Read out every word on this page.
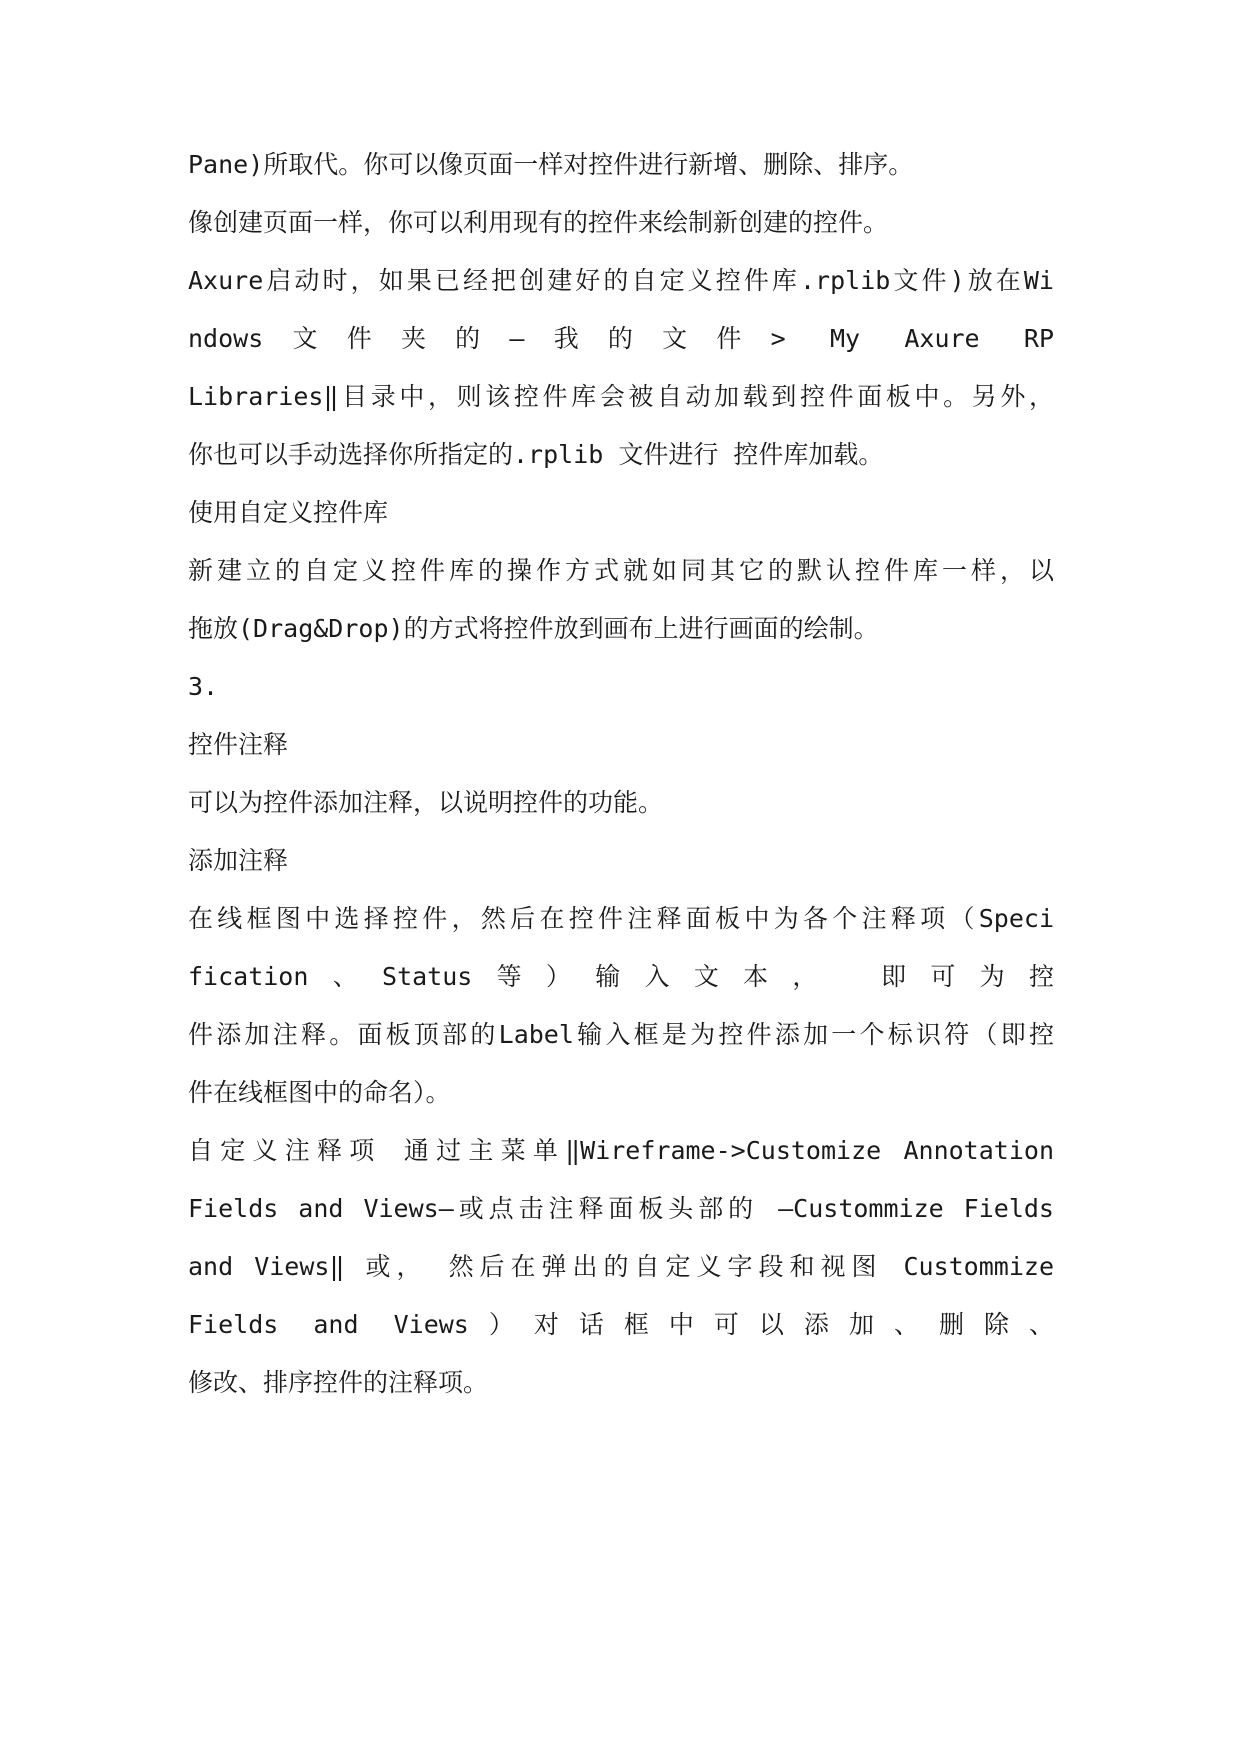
Pane)所取代。你可以像页面一样对控件进行新增、删除、排序。

像创建页面一样，你可以利用现有的控件来绘制新创建的控件。

Axure启动时，如果已经把创建好的自定义控件库.rplib文件)放在Wi

ndows文件夹的—我的文件> My Axure RP

Libraries‖目录中，则该控件库会被自动加载到控件面板中。另外，

你也可以手动选择你所指定的.rplib 文件进行 控件库加载。

使用自定义控件库

新建立的自定义控件库的操作方式就如同其它的默认控件库一样，以

拖放(Drag&Drop)的方式将控件放到画布上进行画面的绘制。

3.

控件注释

可以为控件添加注释，以说明控件的功能。

添加注释

在线框图中选择控件，然后在控件注释面板中为各个注释项（Speci

fication、Status等）输入文本， 即可为控

件添加注释。面板顶部的Label输入框是为控件添加一个标识符（即控

件在线框图中的命名）。

自定义注释项 通过主菜单‖Wireframe->Customize Annotation

Fields and Views—或点击注释面板头部的 —Custommize Fields

and Views‖ 或， 然后在弹出的自定义字段和视图 Custommize

Fields and Views）对话框中可以添加、删除、

修改、排序控件的注释项。
